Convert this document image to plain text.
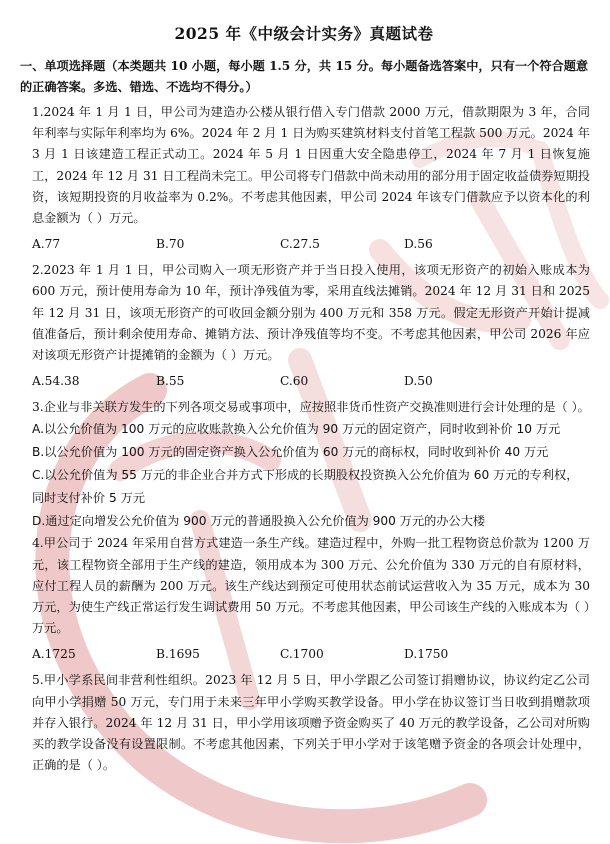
2025 年《中级会计实务》真题试卷

一、单项选择题（本类题共 10 小题，每小题 1.5 分，共 15 分。每小题备选答案中，只有一个符合题意的正确答案。多选、错选、不选均不得分。）

1.2024 年 1 月 1 日，甲公司为建造办公楼从银行借入专门借款 2000 万元，借款期限为 3 年，合同年利率与实际年利率均为 6%。2024 年 2 月 1 日为购买建筑材料支付首笔工程款 500 万元。2024 年 3 月 1 日该建造工程正式动工。2024 年 5 月 1 日因重大安全隐患停工，2024 年 7 月 1 日恢复施工，2024 年 12 月 31 日工程尚未完工。甲公司将专门借款中尚未动用的部分用于固定收益债券短期投资，该短期投资的月收益率为 0.2%。不考虑其他因素，甲公司 2024 年该专门借款应予以资本化的利息金额为（ ）万元。

A.77	B.70	C.27.5	D.56

2.2023 年 1 月 1 日，甲公司购入一项无形资产并于当日投入使用，该项无形资产的初始入账成本为 600 万元，预计使用寿命为 10 年，预计净残值为零，采用直线法摊销。2024 年 12 月 31 日和 2025 年 12 月 31 日，该项无形资产的可收回金额分别为 400 万元和 358 万元。假定无形资产开始计提减值准备后，预计剩余使用寿命、摊销方法、预计净残值等均不变。不考虑其他因素，甲公司 2026 年应对该项无形资产计提摊销的金额为（ ）万元。

A.54.38	B.55	C.60	D.50

3.企业与非关联方发生的下列各项交易或事项中，应按照非货币性资产交换准则进行会计处理的是（ ）。

A.以公允价值为 100 万元的应收账款换入公允价值为 90 万元的固定资产，同时收到补价 10 万元

B.以公允价值为 100 万元的固定资产换入公允价值为 60 万元的商标权，同时收到补价 40 万元

C.以公允价值为 55 万元的非企业合并方式下形成的长期股权投资换入公允价值为 60 万元的专利权，

同时支付补价 5 万元

D.通过定向增发公允价值为 900 万元的普通股换入公允价值为 900 万元的办公大楼

4.甲公司于 2024 年采用自营方式建造一条生产线。建造过程中，外购一批工程物资总价款为 1200 万元，该工程物资全部用于生产线的建造，领用成本为 300 万元、公允价值为 330 万元的自有原材料，应付工程人员的薪酬为 200 万元。该生产线达到预定可使用状态前试运营收入为 35 万元，成本为 30 万元，为使生产线正常运行发生调试费用 50 万元。不考虑其他因素，甲公司该生产线的入账成本为（ ）万元。

A.1725	B.1695	C.1700	D.1750

5.甲小学系民间非营利性组织。2023 年 12 月 5 日，甲小学跟乙公司签订捐赠协议，协议约定乙公司向甲小学捐赠 50 万元，专门用于未来三年甲小学购买教学设备。甲小学在协议签订当日收到捐赠款项并存入银行。2024 年 12 月 31 日，甲小学用该项赠予资金购买了 40 万元的教学设备，乙公司对所购买的教学设备没有设置限制。不考虑其他因素，下列关于甲小学对于该笔赠予资金的各项会计处理中，正确的是（ ）。
